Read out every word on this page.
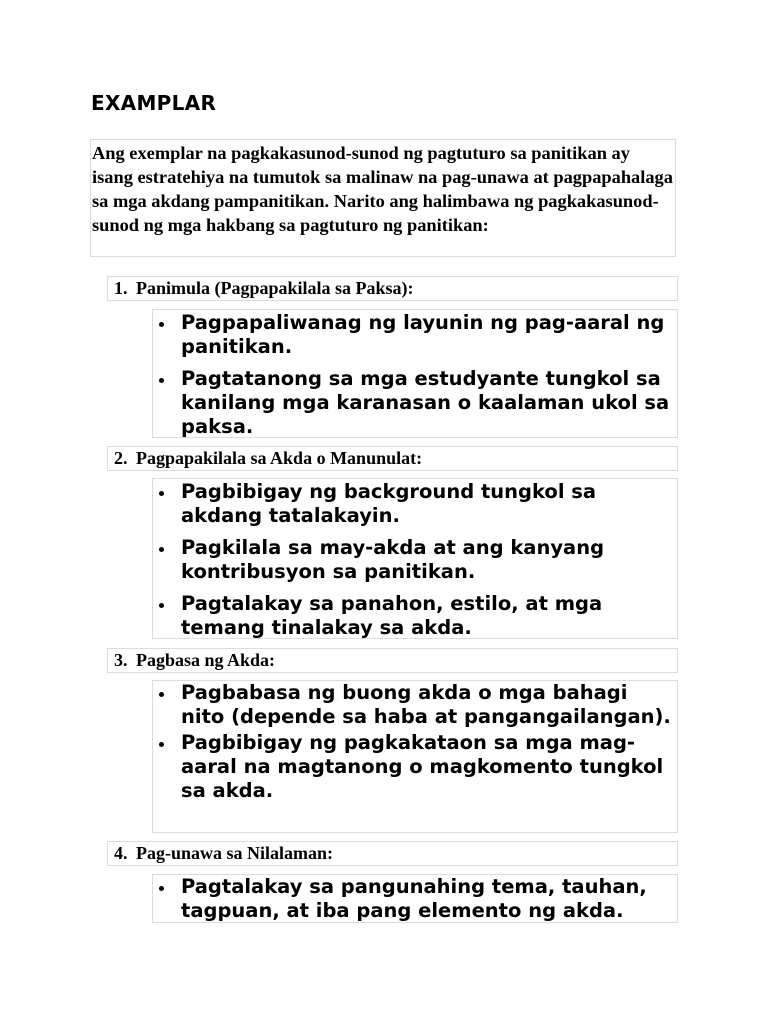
EXAMPLAR

Ang exemplar na pagkakasunod-sunod ng pagtuturo sa panitikan ay isang estratehiya na tumutok sa malinaw na pag-unawa at pagpapahalaga sa mga akdang pampanitikan. Narito ang halimbawa ng pagkakasunod-sunod ng mga hakbang sa pagtuturo ng panitikan:

1. Panimula (Pagpapakilala sa Paksa):
Pagpapaliwanag ng layunin ng pag-aaral ng panitikan.
Pagtatanong sa mga estudyante tungkol sa kanilang mga karanasan o kaalaman ukol sa paksa.
2. Pagpapakilala sa Akda o Manunulat:
Pagbibigay ng background tungkol sa akdang tatalakayin.
Pagkilala sa may-akda at ang kanyang kontribusyon sa panitikan.
Pagtalakay sa panahon, estilo, at mga temang tinalakay sa akda.
3. Pagbasa ng Akda:
Pagbabasa ng buong akda o mga bahagi nito (depende sa haba at pangangailangan).
Pagbibigay ng pagkakataon sa mga mag-aaral na magtanong o magkomento tungkol sa akda.
4. Pag-unawa sa Nilalaman:
Pagtalakay sa pangunahing tema, tauhan, tagpuan, at iba pang elemento ng akda.
